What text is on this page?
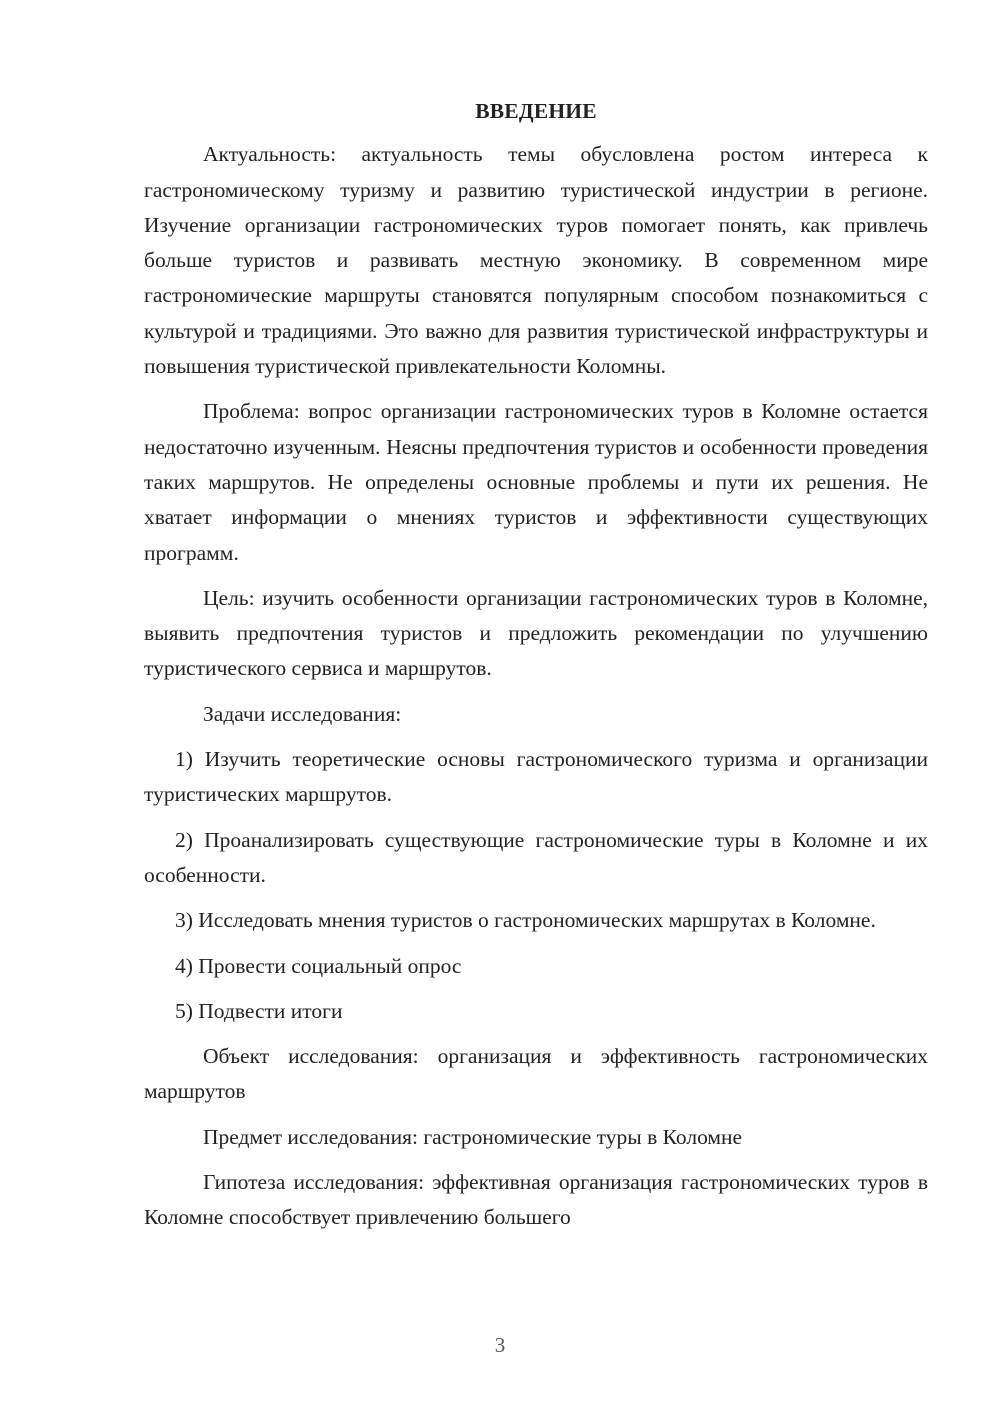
ВВЕДЕНИЕ

Актуальность: актуальность темы обусловлена ростом интереса к гастрономическому туризму и развитию туристической индустрии в регионе. Изучение организации гастрономических туров помогает понять, как привлечь больше туристов и развивать местную экономику. В современном мире гастрономические маршруты становятся популярным способом познакомиться с культурой и традициями. Это важно для развития туристической инфраструктуры и повышения туристической привлекательности Коломны.

Проблема: вопрос организации гастрономических туров в Коломне остается недостаточно изученным. Неясны предпочтения туристов и особенности проведения таких маршрутов. Не определены основные проблемы и пути их решения. Не хватает информации о мнениях туристов и эффективности существующих программ.

Цель: изучить особенности организации гастрономических туров в Коломне, выявить предпочтения туристов и предложить рекомендации по улучшению туристического сервиса и маршрутов.

Задачи исследования:

1) Изучить теоретические основы гастрономического туризма и организации туристических маршрутов.

2) Проанализировать существующие гастрономические туры в Коломне и их особенности.

3) Исследовать мнения туристов о гастрономических маршрутах в Коломне.

4) Провести социальный опрос

5) Подвести итоги

Объект исследования: организация и эффективность гастрономических маршрутов

Предмет исследования: гастрономические туры в Коломне

Гипотеза исследования: эффективная организация гастрономических туров в Коломне способствует привлечению большего

3
